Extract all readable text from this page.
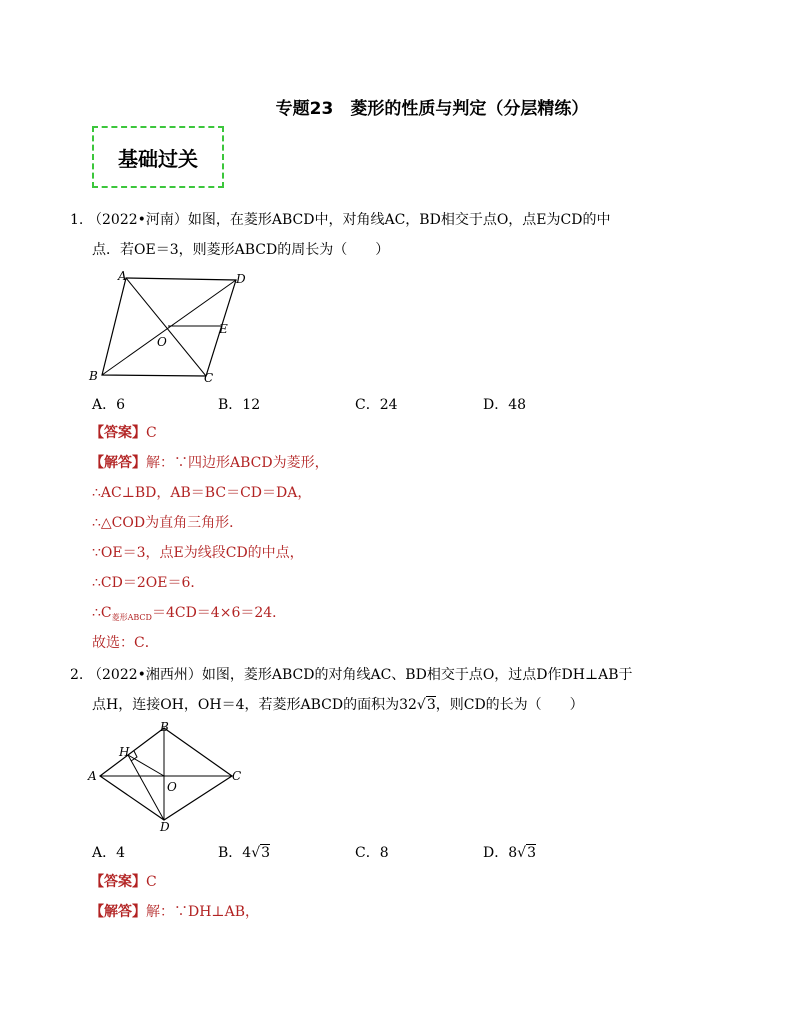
专题23　菱形的性质与判定（分层精练）
基础过关
1. （2022•河南）如图，在菱形ABCD中，对角线AC，BD相交于点O，点E为CD的中
点．若OE＝3，则菱形ABCD的周长为（　　）
A	D
E
O
B	C
A．6	B．12	C．24	D．48
【答案】C
【解答】解：∵四边形ABCD为菱形，
∴AC⊥BD，AB＝BC＝CD＝DA，
∴△COD为直角三角形．
∵OE＝3，点E为线段CD的中点，
∴CD＝2OE＝6．
$\therefore C_{菱形ABCD}=4CD=4\times 6=24$．
故选：C．
2. （2022•湘西州）如图，菱形ABCD的对角线AC、BD相交于点O，过点D作DH⊥AB于
点H，连接OH，OH＝4，若菱形ABCD的面积为32√3，则CD的长为（　　）
B
H
A	C
O
D
A．4	B．4√3	C．8	D．8√3
【答案】C
【解答】解：∵DH⊥AB，
